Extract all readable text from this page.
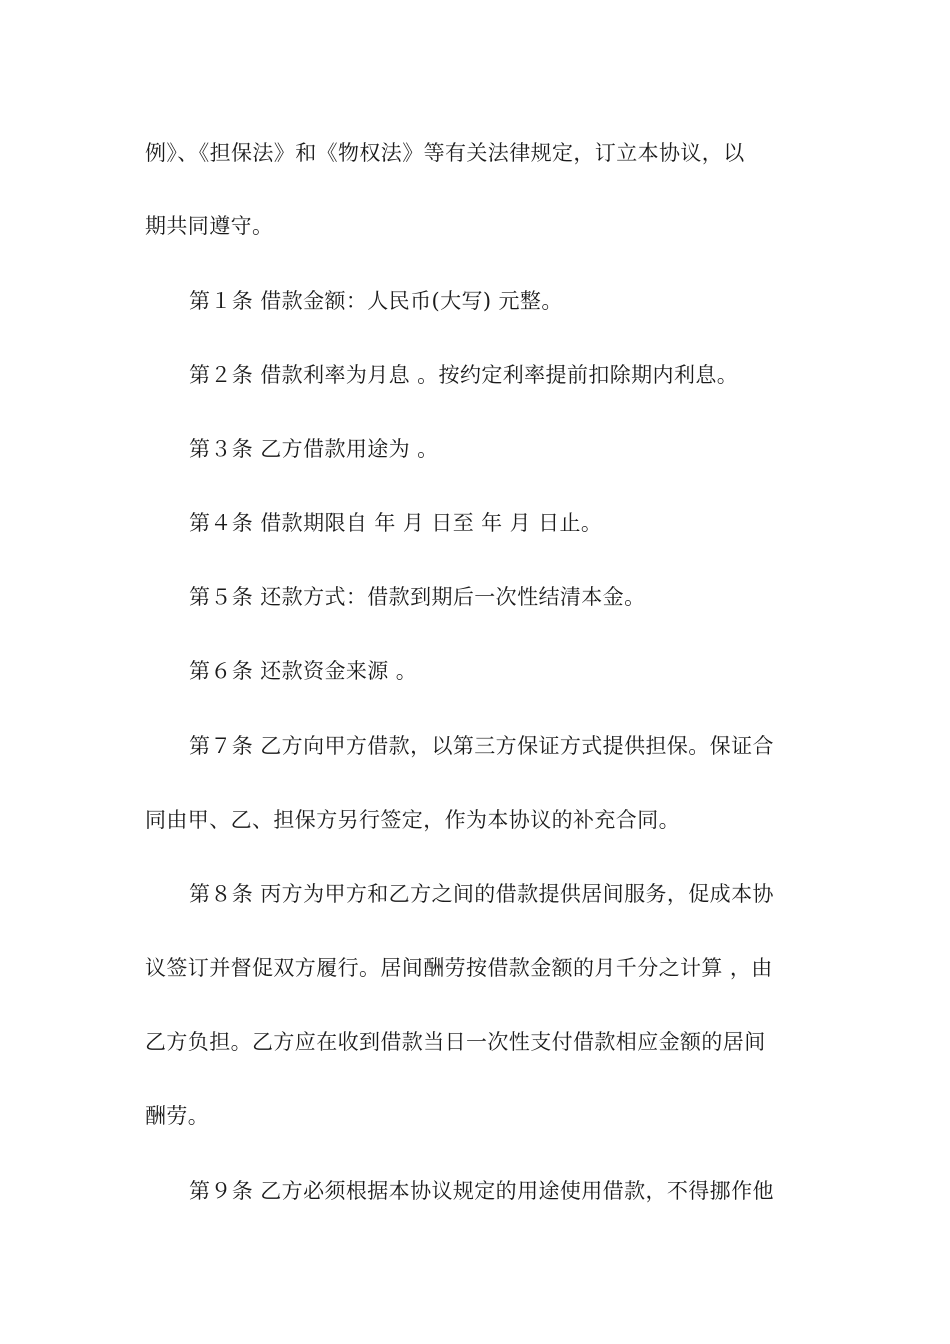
例》、《担保法》和《物权法》等有关法律规定，订立本协议，以
期共同遵守。
第１条 借款金额：人民币(大写) 元整。
第２条 借款利率为月息 。按约定利率提前扣除期内利息。
第３条 乙方借款用途为 。
第４条 借款期限自 年 月 日至 年 月 日止。
第５条 还款方式：借款到期后一次性结清本金。
第６条 还款资金来源 。
第７条 乙方向甲方借款，以第三方保证方式提供担保。保证合
同由甲、乙、担保方另行签定，作为本协议的补充合同。
第８条 丙方为甲方和乙方之间的借款提供居间服务，促成本协
议签订并督促双方履行。居间酬劳按借款金额的月千分之计算 ，由
乙方负担。乙方应在收到借款当日一次性支付借款相应金额的居间
酬劳。
第９条 乙方必须根据本协议规定的用途使用借款，不得挪作他
